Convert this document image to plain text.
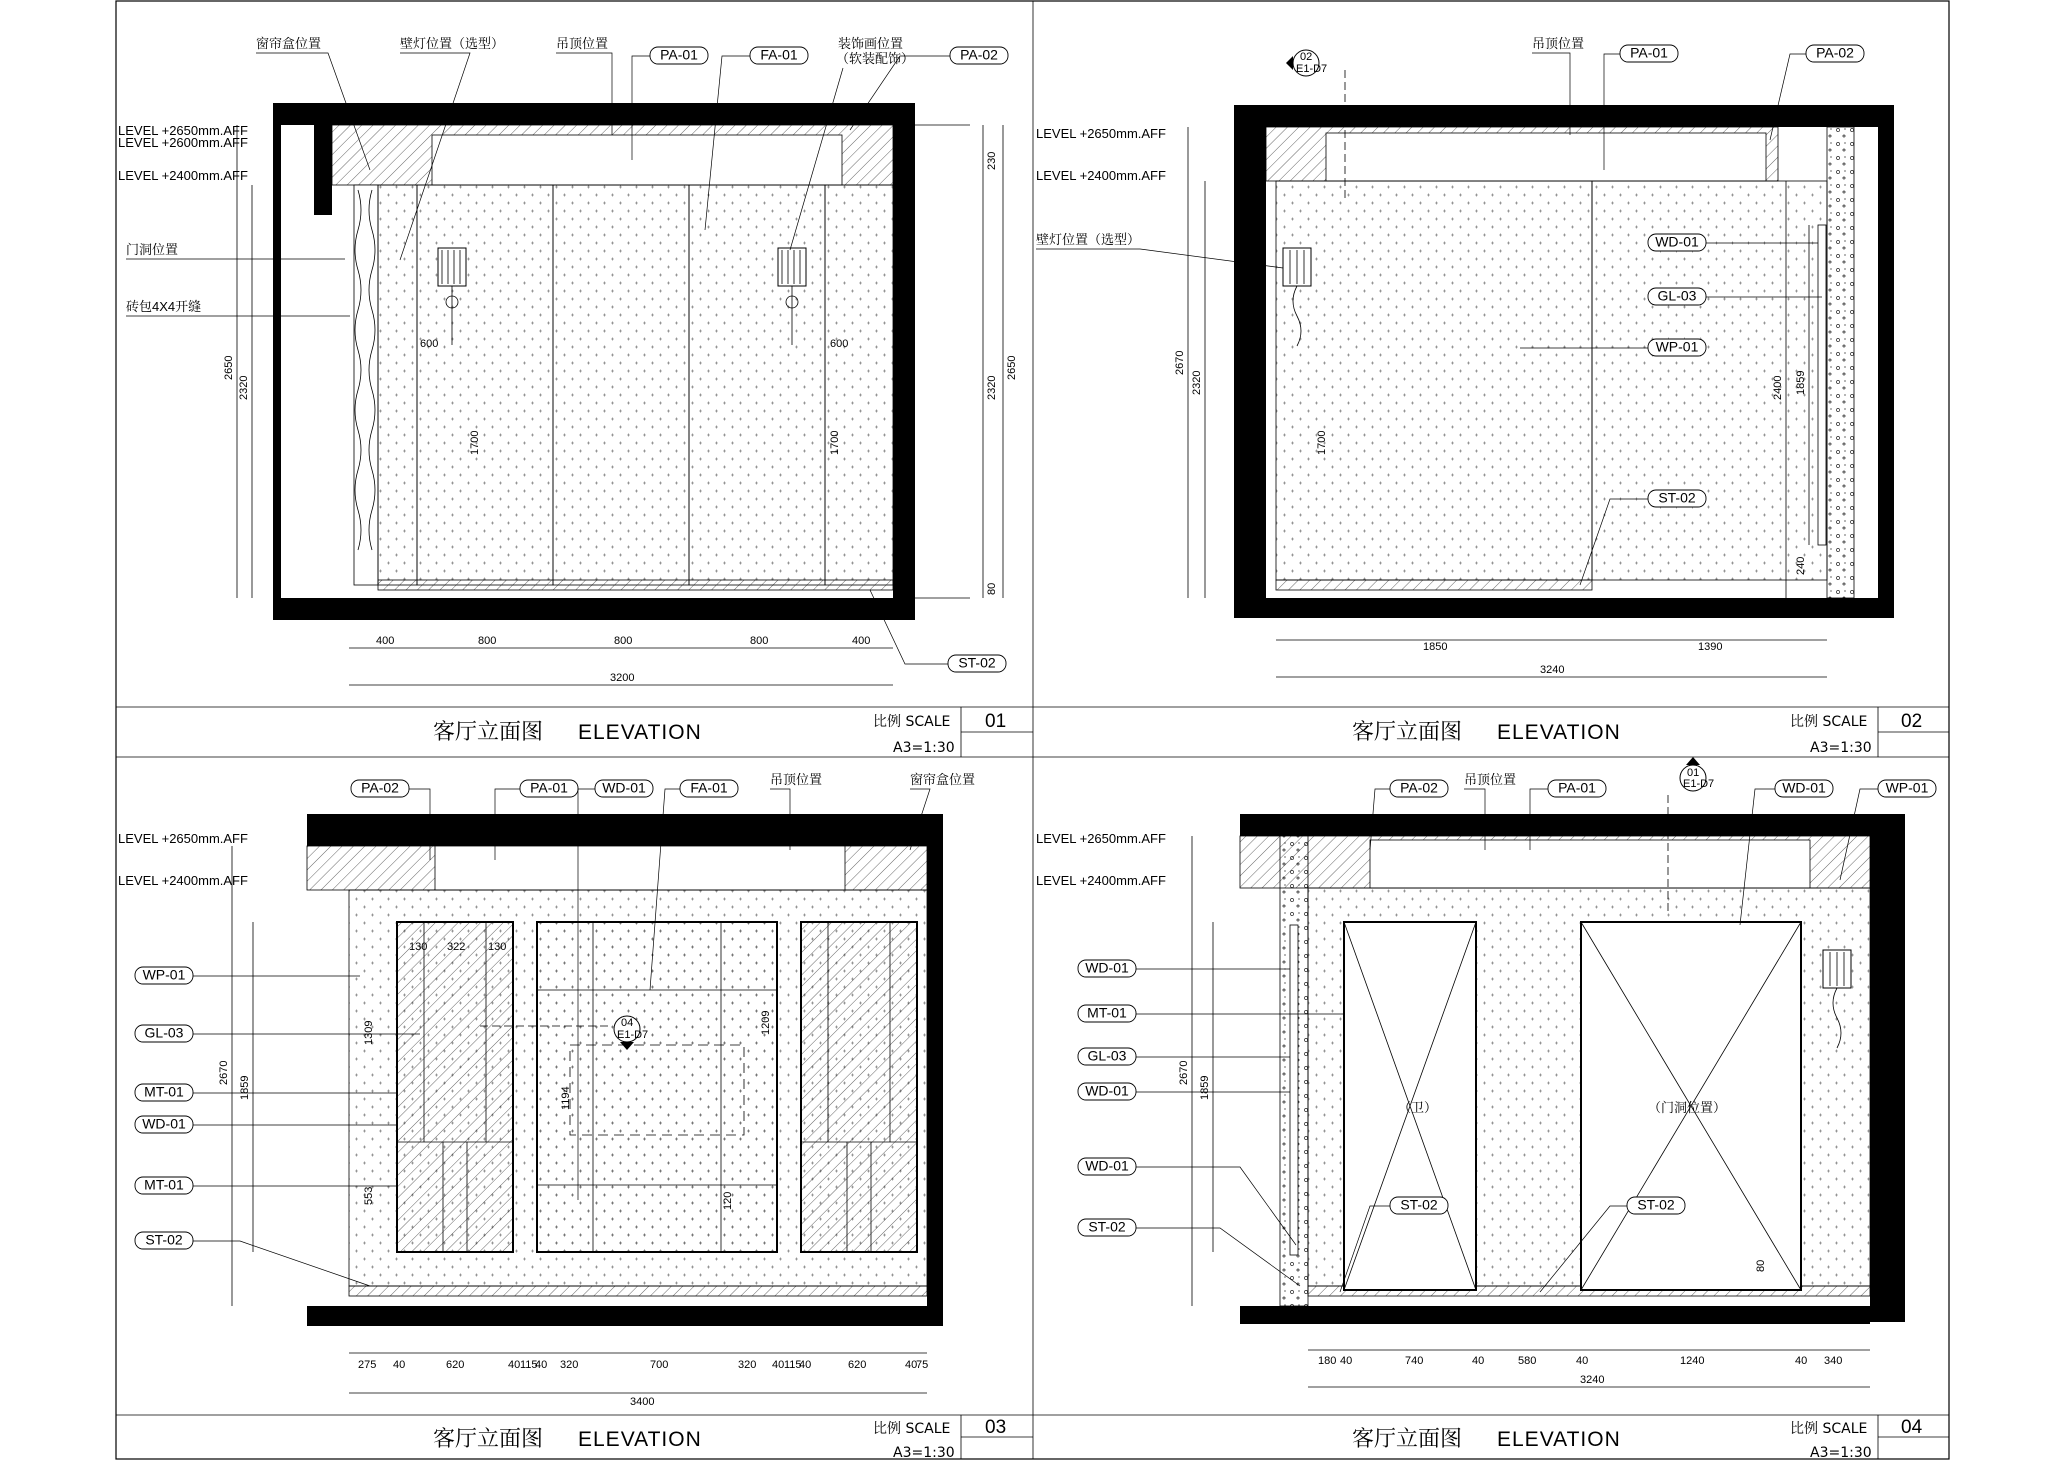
客厅立面图 ELEVATION	比例 SCALE
A3=1:30
01	客厅立面图 ELEVATION	比例 SCALE
A3=1:30
02
客厅立面图 ELEVATION	比例 SCALE
A3=1:30
03	客厅立面图 ELEVATION	比例 SCALE
A3=1:30
04
400	800	800	800	400
3200
2650
2320
1700	1700
230
2320
2650
80
600	600
窗帘盒位置	壁灯位置（选型）	吊顶位置	装饰画位置
（软装配饰）
门洞位置
砖包4X4开缝
LEVEL +2650mm.AFF
LEVEL +2600mm.AFF
LEVEL +2400mm.AFF
PA-01	FA-01	PA-02
ST-02
02
E1-D7
1850	1390
3240
2670
2320
1700
2400 1859
240
吊顶位置
壁灯位置（选型）
LEVEL +2650mm.AFF
LEVEL +2400mm.AFF
PA-01	PA-02
WD-01
GL-03
WP-01
ST-02
04
E1-D7
275 40	620	40 115
40 320	700	320 40 115
40	620	40
75
3400
2670
1859
1309
553
1194
1209
120
130 322 130
吊顶位置	窗帘盒位置
LEVEL +2650mm.AFF
LEVEL +2400mm.AFF
PA-02	PA-01 WD-01	FA-01
WP-01
GL-03
MT-01
WD-01
MT-01
ST-02
（卫）	（门洞位置）
01
E1-D7
180 40	740	40	580	40	1240	40 340
3240
2670
1859
80
吊顶位置
LEVEL +2650mm.AFF
LEVEL +2400mm.AFF
PA-02	PA-01	WD-01	WP-01
WD-01
MT-01
GL-03
WD-01
WD-01
ST-02
ST-02	ST-02
